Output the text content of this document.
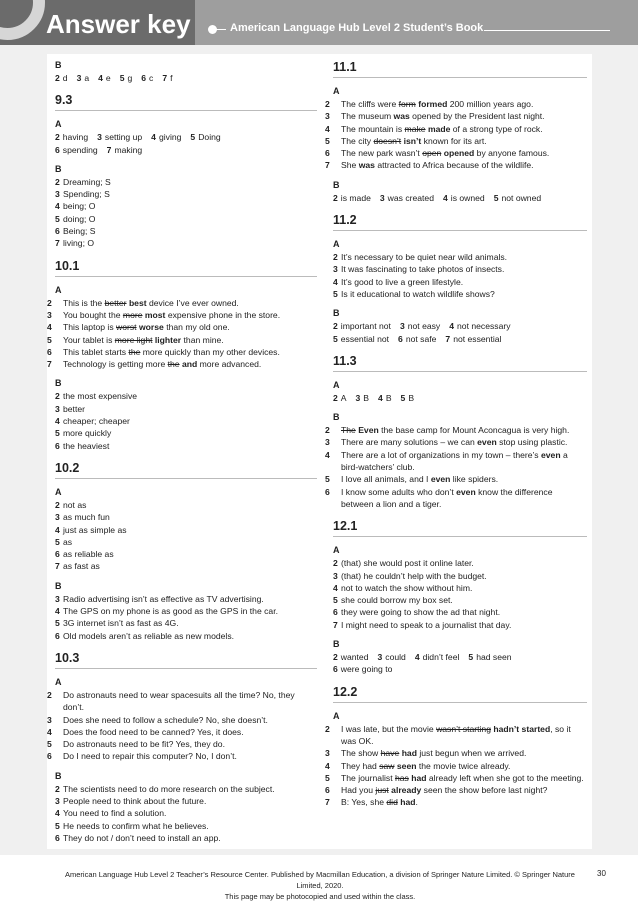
Answer key	American Language Hub Level 2 Student’s Book
B
2 d 3 a 4 e 5 g 6 c 7 f
9.3
A
2 having 3 setting up 4 giving 5 Doing
6 spending 7 making
B
2 Dreaming; S
3 Spending; S
4 being; O
5 doing; O
6 Being; S
7 living; O
10.1
A
2 This is the better best device I’ve ever owned.
3 You bought the more most expensive phone in the store.
4 This laptop is worst worse than my old one.
5 Your tablet is more light lighter than mine.
6 This tablet starts the more quickly than my other devices.
7 Technology is getting more the and more advanced.
B
2 the most expensive
3 better
4 cheaper; cheaper
5 more quickly
6 the heaviest
10.2
A
2 not as
3 as much fun
4 just as simple as
5 as
6 as reliable as
7 as fast as
B
3 Radio advertising isn’t as effective as TV advertising.
4 The GPS on my phone is as good as the GPS in the car.
5 3G internet isn’t as fast as 4G.
6 Old models aren’t as reliable as new models.
10.3
A
2 Do astronauts need to wear spacesuits all the time? No, they don’t.
3 Does she need to follow a schedule? No, she doesn’t.
4 Does the food need to be canned? Yes, it does.
5 Do astronauts need to be fit? Yes, they do.
6 Do I need to repair this computer? No, I don’t.
B
2 The scientists need to do more research on the subject.
3 People need to think about the future.
4 You need to find a solution.
5 He needs to confirm what he believes.
6 They do not / don’t need to install an app.
11.1
A
2 The cliffs were form formed 200 million years ago.
3 The museum was opened by the President last night.
4 The mountain is make made of a strong type of rock.
5 The city doesn’t isn’t known for its art.
6 The new park wasn’t open opened by anyone famous.
7 She was attracted to Africa because of the wildlife.
B
2 is made 3 was created 4 is owned 5 not owned
11.2
A
2 It’s necessary to be quiet near wild animals.
3 It was fascinating to take photos of insects.
4 It’s good to live a green lifestyle.
5 Is it educational to watch wildlife shows?
B
2 important not 3 not easy 4 not necessary
5 essential not 6 not safe 7 not essential
11.3
A
2 A 3 B 4 B 5 B
B
2 The Even the base camp for Mount Aconcagua is very high.
3 There are many solutions – we can even stop using plastic.
4 There are a lot of organizations in my town – there’s even a bird-watchers’ club.
5 I love all animals, and I even like spiders.
6 I know some adults who don’t even know the difference between a lion and a tiger.
12.1
A
2 (that) she would post it online later.
3 (that) he couldn’t help with the budget.
4 not to watch the show without him.
5 she could borrow my box set.
6 they were going to show the ad that night.
7 I might need to speak to a journalist that day.
B
2 wanted 3 could 4 didn’t feel 5 had seen
6 were going to
12.2
A
2 I was late, but the movie wasn’t starting hadn’t started, so it was OK.
3 The show have had just begun when we arrived.
4 They had saw seen the movie twice already.
5 The journalist has had already left when she got to the meeting.
6 Had you just already seen the show before last night?
7 B: Yes, she did had.
American Language Hub Level 2 Teacher’s Resource Center. Published by Macmillan Education, a division of Springer Nature Limited. © Springer Nature Limited, 2020.
This page may be photocopied and used within the class.
30
